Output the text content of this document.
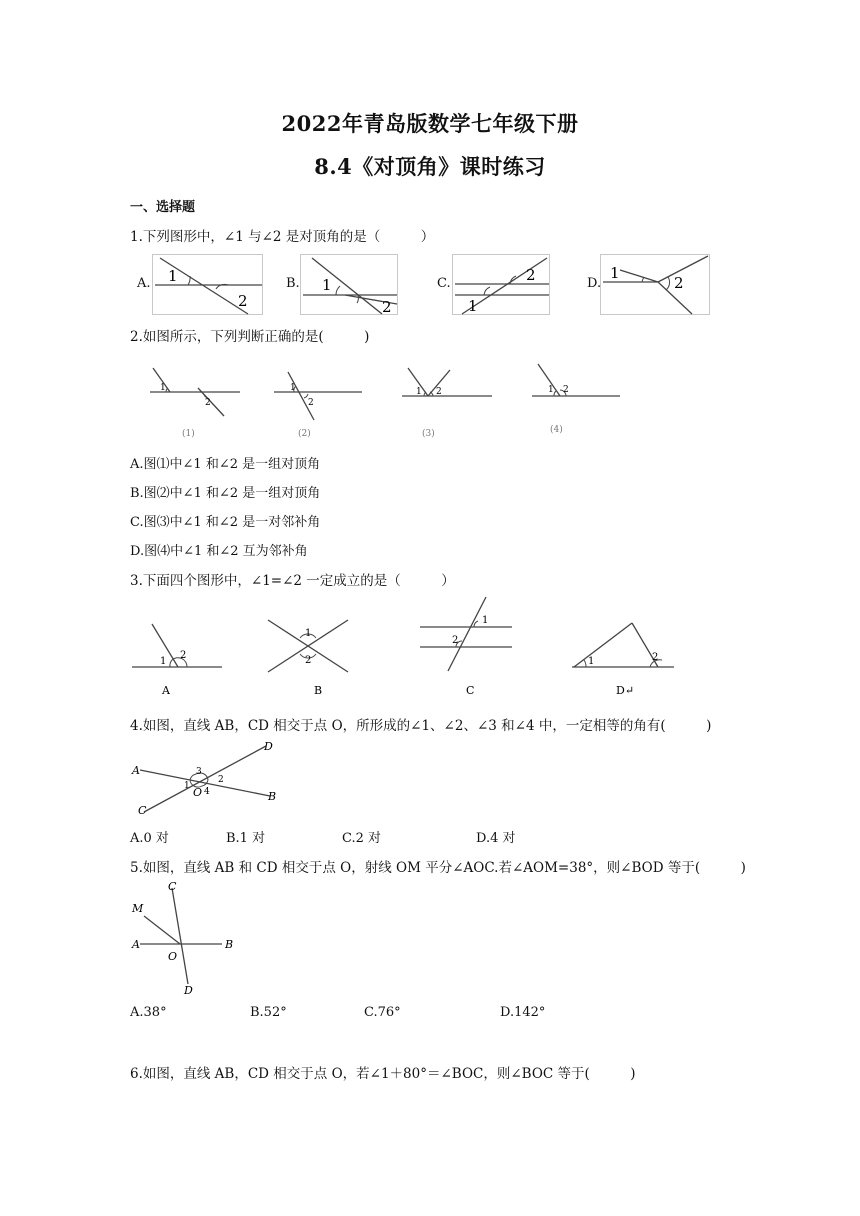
2022年青岛版数学七年级下册
8.4《对顶角》课时练习
一、选择题
1.下列图形中，∠1 与∠2 是对顶角的是（　　　）
A. 1
2
B. 1
2
C.
1
2	D.
1
2
2.如图所示，下列判断正确的是(　　　)
1
2
(1)
1
2
(2)
1 2
(3)
1 2
(4)
A.图⑴中∠1 和∠2 是一组对顶角
B.图⑵中∠1 和∠2 是一组对顶角
C.图⑶中∠1 和∠2 是一对邻补角
D.图⑷中∠1 和∠2 互为邻补角
3.下面四个图形中，∠1=∠2 一定成立的是（　　　）
1
2
A
1
2
B
1
2
C
1	2
D↵
4.如图，直线 AB，CD 相交于点 O，所形成的∠1、∠2、∠3 和∠4 中，一定相等的角有(　　　)
A
B
C
D
O
1
2
3
4
A.0 对	B.1 对	C.2 对	D.4 对
5.如图，直线 AB 和 CD 相交于点 O，射线 OM 平分∠AOC.若∠AOM=38°，则∠BOD 等于(　　　)
A	B
C
D
O
M
A.38°	B.52°	C.76°	D.142°
6.如图，直线 AB，CD 相交于点 O，若∠1＋80°＝∠BOC，则∠BOC 等于(　　　)
